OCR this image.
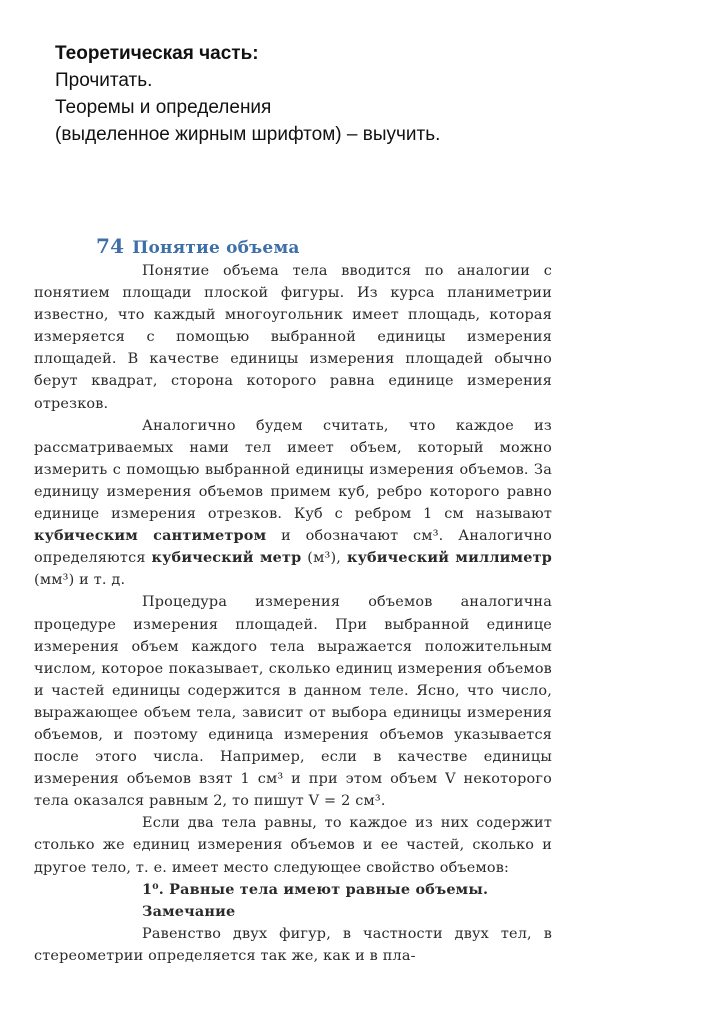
Теоретическая часть:
Прочитать.
Теоремы и определения
(выделенное жирным шрифтом) – выучить.
74 Понятие объема

Понятие объема тела вводится по аналогии с понятием площади плоской фигуры. Из курса планиметрии известно, что каждый многоугольник имеет площадь, которая измеряется с помощью выбранной единицы измерения площадей. В качестве единицы измерения площадей обычно берут квадрат, сторона которого равна единице измерения отрезков.

Аналогично будем считать, что каждое из рассматриваемых нами тел имеет объем, который можно измерить с помощью выбранной единицы измерения объемов. За единицу измерения объемов примем куб, ребро которого равно единице измерения отрезков. Куб с ребром 1 см называют кубическим сантиметром и обозначают см³. Аналогично определяются кубический метр (м³), кубический миллиметр (мм³) и т. д.

Процедура измерения объемов аналогична процедуре измерения площадей. При выбранной единице измерения объем каждого тела выражается положительным числом, которое показывает, сколько единиц измерения объемов и частей единицы содержится в данном теле. Ясно, что число, выражающее объем тела, зависит от выбора единицы измерения объемов, и поэтому единица измерения объемов указывается после этого числа. Например, если в качестве единицы измерения объемов взят 1 см³ и при этом объем V некоторого тела оказался равным 2, то пишут V = 2 см³.

Если два тела равны, то каждое из них содержит столько же единиц измерения объемов и ее частей, сколько и другое тело, т. е. имеет место следующее свойство объемов:

1⁰. Равные тела имеют равные объемы.
Замечание

Равенство двух фигур, в частности двух тел, в стереометрии определяется так же, как и в пла-
